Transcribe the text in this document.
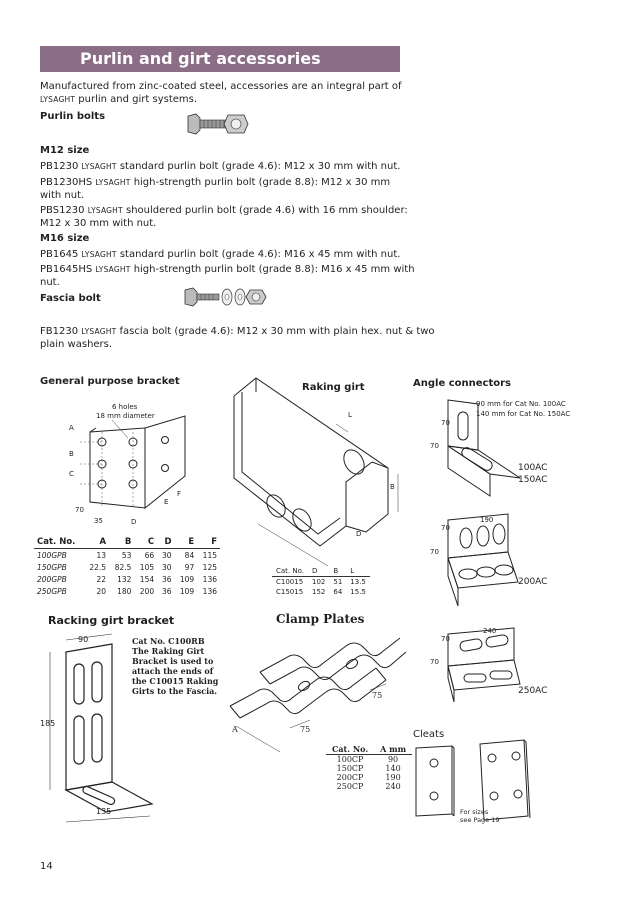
Purlin and girt accessories
Manufactured from zinc-coated steel, accessories are an integral part of
LYSAGHT purlin and girt systems.
Purlin bolts
M12 size
PB1230 LYSAGHT standard purlin bolt (grade 4.6): M12 x 30 mm with nut.
PB1230HS LYSAGHT high-strength purlin bolt (grade 8.8): M12 x 30 mm
with nut.
PBS1230 LYSAGHT shouldered purlin bolt (grade 4.6) with 16 mm shoulder:
M12 x 30 mm with nut.
M16 size
PB1645 LYSAGHT standard purlin bolt (grade 4.6): M16 x 45 mm with nut.
PB1645HS LYSAGHT high-strength purlin bolt (grade 8.8): M16 x 45 mm with
nut.
Fascia bolt
FB1230 LYSAGHT fascia bolt (grade 4.6): M12 x 30 mm with plain hex. nut & two
plain washers.
General purpose bracket
6 holes
18 mm diameter
A
B
C
70
35	D
E
F
Cat. No.	A	B	C	D	E	F
100GPB	13	53	66	30	84	115
150GPB	22.5	82.5	105	30	97	125
200GPB	22	132	154	36	109	136
250GPB	20	180	200	36	109	136
Raking girt
L
B
D
Cat. No.	D	B	L
C10015	102	51	13.5
C15015	152	64	15.5
Angle connectors
90 mm for Cat No. 100AC
140 mm for Cat No. 150AC
70
70
100AC
150AC
190
70
70
200AC
240
70
70
250AC
Racking girt bracket
90
185
135
Cat No. C100RB
The Raking Girt
Bracket is used to
attach the ends of
the C10015 Raking
Girts to the Fascia.
Clamp Plates
A	75
75
Cat. No.	A mm
100CP	90
150CP	140
200CP	190
250CP	240
Cleats
For sizes
see Page 19
14
